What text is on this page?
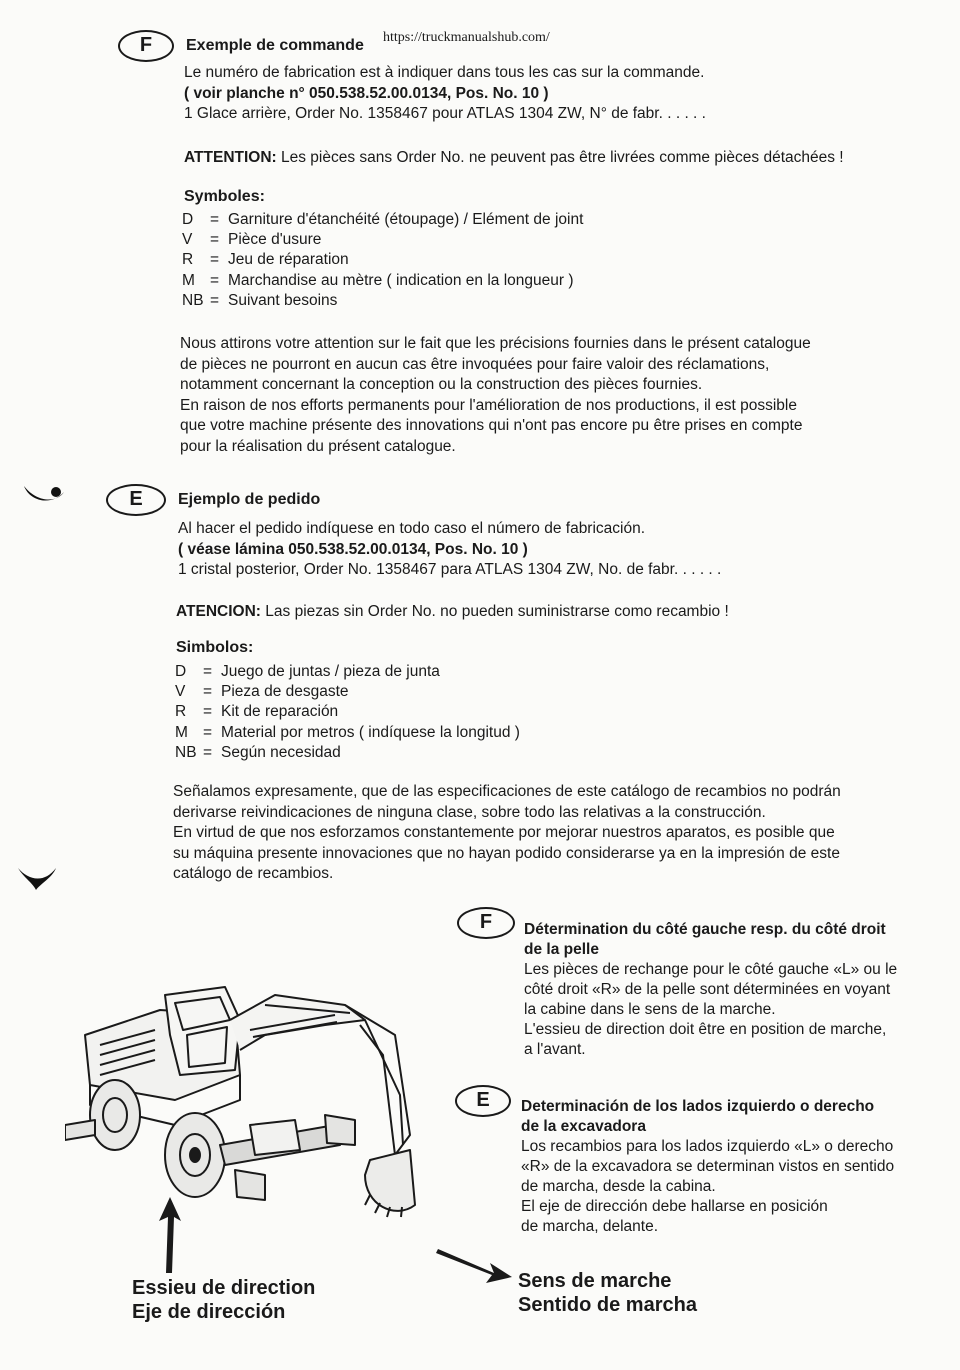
https://truckmanualshub.com/
F	Exemple de commande

Le numéro de fabrication est à indiquer dans tous les cas sur la commande.

( voir planche n° 050.538.52.00.0134, Pos. No. 10 )

1 Glace arrière, Order No. 1358467 pour ATLAS 1304 ZW, N° de fabr. . . . . .

ATTENTION: Les pièces sans Order No. ne peuvent pas être livrées comme pièces détachées !

Symboles:
D	= Garniture d'étanchéité (étoupage) / Elément de joint
V	= Pièce d'usure
R	= Jeu de réparation
M = Marchandise au mètre ( indication en la longueur )
NB = Suivant besoins

Nous attirons votre attention sur le fait que les précisions fournies dans le présent catalogue

de pièces ne pourront en aucun cas être invoquées pour faire valoir des réclamations,

notamment concernant la conception ou la construction des pièces fournies.

En raison de nos efforts permanents pour l'amélioration de nos productions, il est possible

que votre machine présente des innovations qui n'ont pas encore pu être prises en compte

pour la réalisation du présent catalogue.

E	Ejemplo de pedido

Al hacer el pedido indíquese en todo caso el número de fabricación.

( véase lámina 050.538.52.00.0134, Pos. No. 10 )

1 cristal posterior, Order No. 1358467 para ATLAS 1304 ZW, No. de fabr. . . . . .

ATENCION: Las piezas sin Order No. no pueden suministrarse como recambio !

Simbolos:
D	= Juego de juntas / pieza de junta
V	= Pieza de desgaste
R	= Kit de reparación
M = Material por metros ( indíquese la longitud )
NB = Según necesidad

Señalamos expresamente, que de las especificaciones de este catálogo de recambios no podrán

derivarse reivindicaciones de ninguna clase, sobre todo las relativas a la construcción.

En virtud de que nos esforzamos constantemente por mejorar nuestros aparatos, es posible que

su máquina presente innovaciones que no hayan podido considerarse ya en la impresión de este

catálogo de recambios.

F	Détermination du côté gauche resp. du côté droit
de la pelle
Les pièces de rechange pour le côté gauche «L» ou le
côté droit «R» de la pelle sont déterminées en voyant
la cabine dans le sens de la marche.
L'essieu de direction doit être en position de marche,
a l'avant.
E	Determinación de los lados izquierdo o derecho
de la excavadora
Los recambios para los lados izquierdo «L» o derecho
«R» de la excavadora se determinan vistos en sentido
de marcha, desde la cabina.
El eje de dirección debe hallarse en posición
de marcha, delante.
Essieu de direction
Eje de dirección
Sens de marche
Sentido de marcha
